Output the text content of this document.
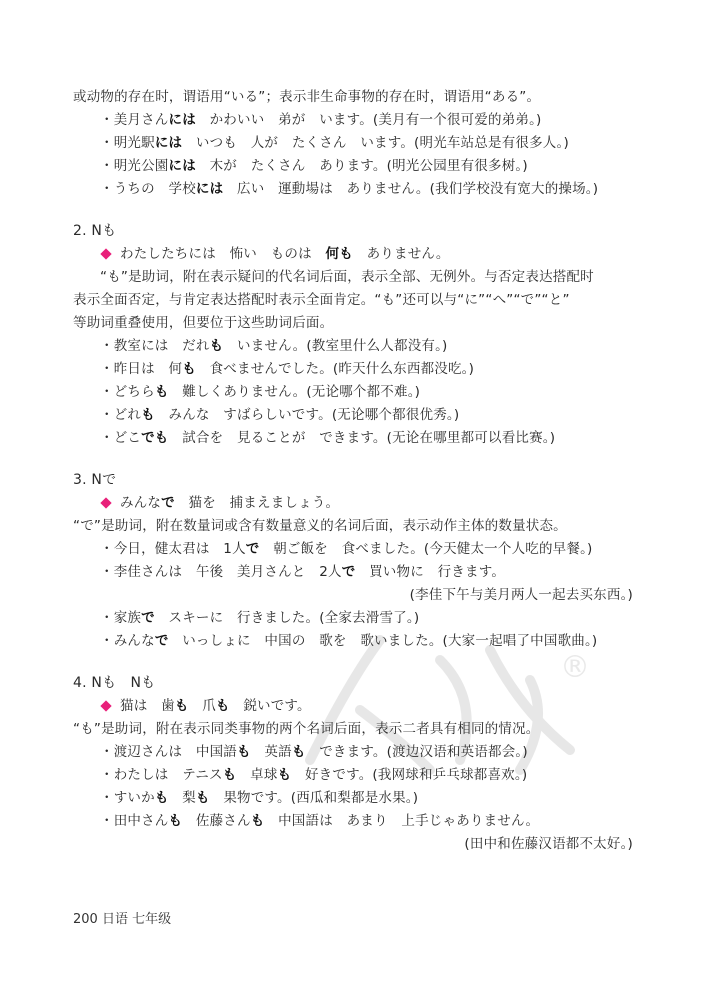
或动物的存在时，谓语用“いる”；表示非生命事物的存在时，谓语用“ある”。
・美月さんには　かわいい　弟が　います。(美月有一个很可爱的弟弟。)
・明光駅には　いつも　人が　たくさん　います。(明光车站总是有很多人。)
・明光公園には　木が　たくさん　あります。(明光公园里有很多树。)
・うちの　学校には　広い　運動場は　ありません。(我们学校没有宽大的操场。)
2. Nも
わたしたちには　怖い　ものは　何も　ありません。
“も”是助词，附在表示疑问的代名词后面，表示全部、无例外。与否定表达搭配时
表示全面否定，与肯定表达搭配时表示全面肯定。“も”还可以与“に”“へ”“で”“と”
等助词重叠使用，但要位于这些助词后面。
・教室には　だれも　いません。(教室里什么人都没有。)
・昨日は　何も　食べませんでした。(昨天什么东西都没吃。)
・どちらも　難しくありません。(无论哪个都不难。)
・どれも　みんな　すばらしいです。(无论哪个都很优秀。)
・どこでも　試合を　見ることが　できます。(无论在哪里都可以看比赛。)
3. Nで
みんなで　猫を　捕まえましょう。
“で”是助词，附在数量词或含有数量意义的名词后面，表示动作主体的数量状态。
・今日，健太君は　1人で　朝ご飯を　食べました。(今天健太一个人吃的早餐。)
・李佳さんは　午後　美月さんと　2人で　買い物に　行きます。
(李佳下午与美月两人一起去买东西。)
・家族で　スキーに　行きました。(全家去滑雪了。)
・みんなで　いっしょに　中国の　歌を　歌いました。(大家一起唱了中国歌曲。)
4. Nも　Nも
猫は　歯も　爪も　鋭いです。
“も”是助词，附在表示同类事物的两个名词后面，表示二者具有相同的情况。
・渡辺さんは　中国語も　英語も　できます。(渡边汉语和英语都会。)
・わたしは　テニスも　卓球も　好きです。(我网球和乒乓球都喜欢。)
・すいかも　梨も　果物です。(西瓜和梨都是水果。)
・田中さんも　佐藤さんも　中国語は　あまり　上手じゃありません。
(田中和佐藤汉语都不太好。)
®
200 日语 七年级
